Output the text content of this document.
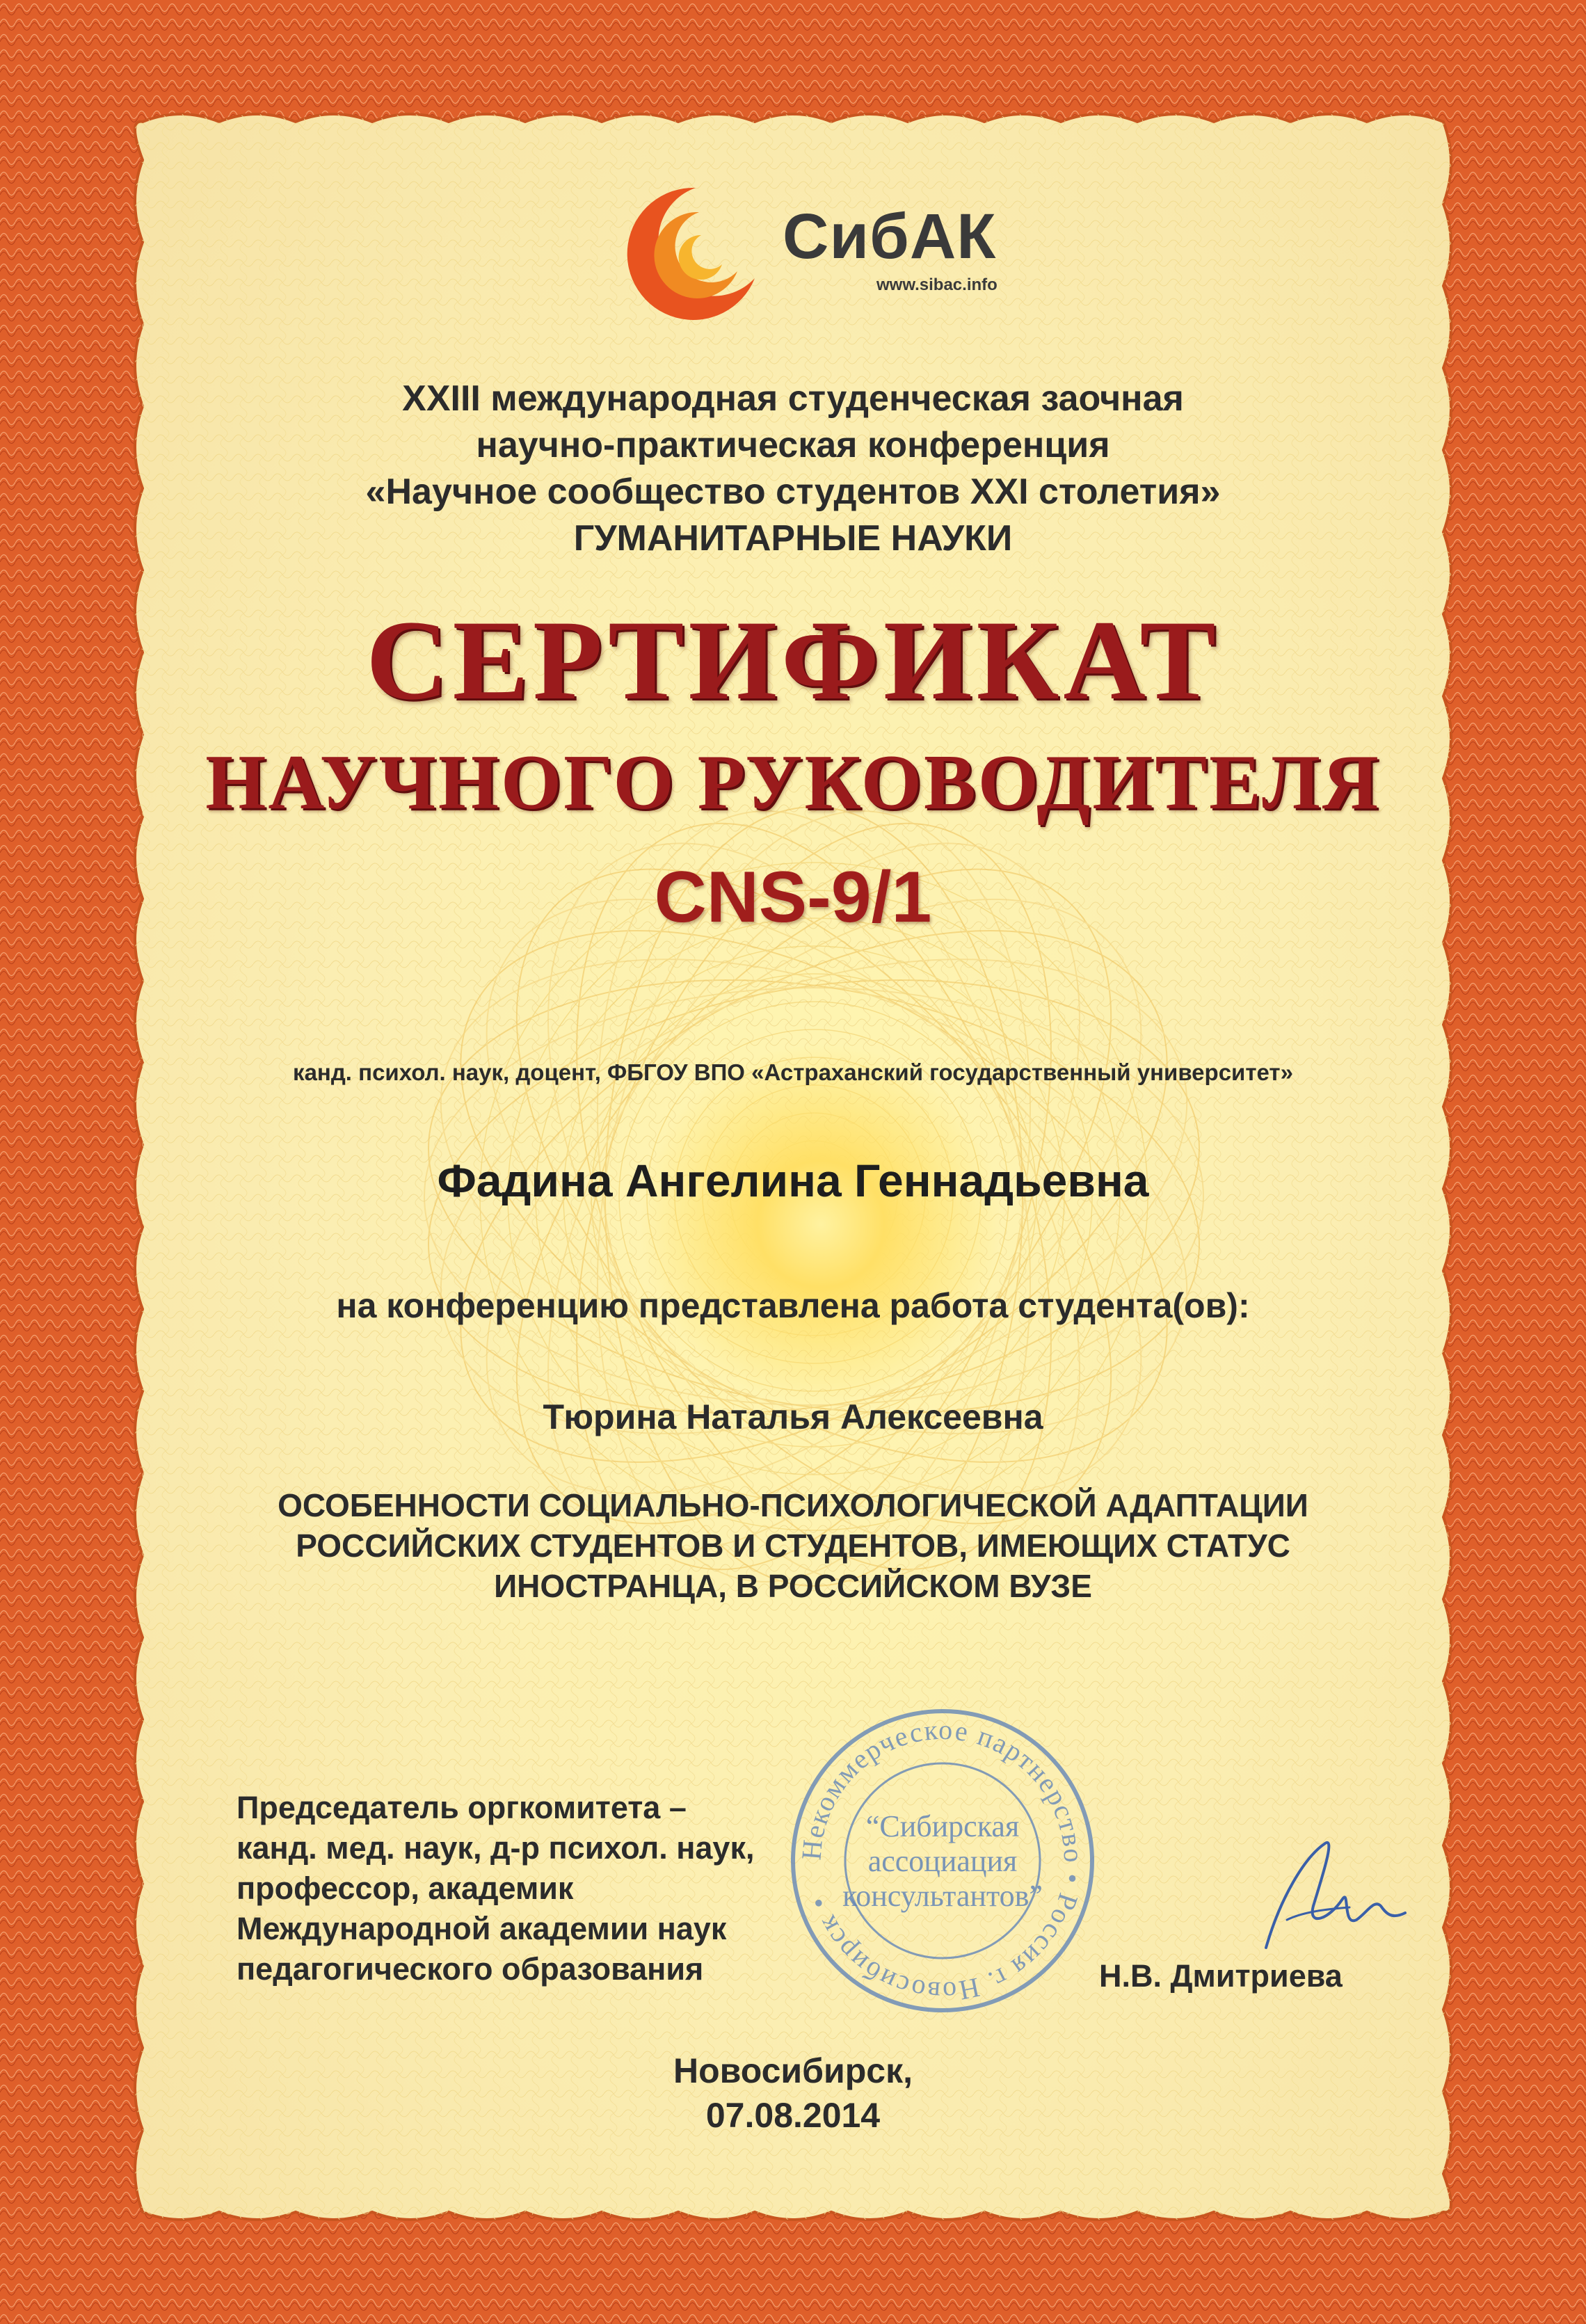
СибАК
www.sibac.info
XXIII международная студенческая заочная
научно-практическая конференция
«Научное сообщество студентов XXI столетия»
ГУМАНИТАРНЫЕ НАУКИ
СЕРТИФИКАТ
НАУЧНОГО РУКОВОДИТЕЛЯ
CNS-9/1
канд. психол. наук, доцент, ФБГОУ ВПО «Астраханский государственный университет»
Фадина Ангелина Геннадьевна
на конференцию представлена работа студента(ов):
Тюрина Наталья Алексеевна
ОСОБЕННОСТИ СОЦИАЛЬНО-ПСИХОЛОГИЧЕСКОЙ АДАПТАЦИИ
РОССИЙСКИХ СТУДЕНТОВ И СТУДЕНТОВ, ИМЕЮЩИХ СТАТУС
ИНОСТРАНЦА, В РОССИЙСКОМ ВУЗЕ
Некоммерческое партнерство • Россия г. Новосибирск •
“Сибирская
ассоциация
консультантов”
Председатель оргкомитета –
канд. мед. наук, д-р психол. наук,
профессор, академик
Международной академии наук
педагогического образования	Н.В. Дмитриева
Новосибирск,
07.08.2014
